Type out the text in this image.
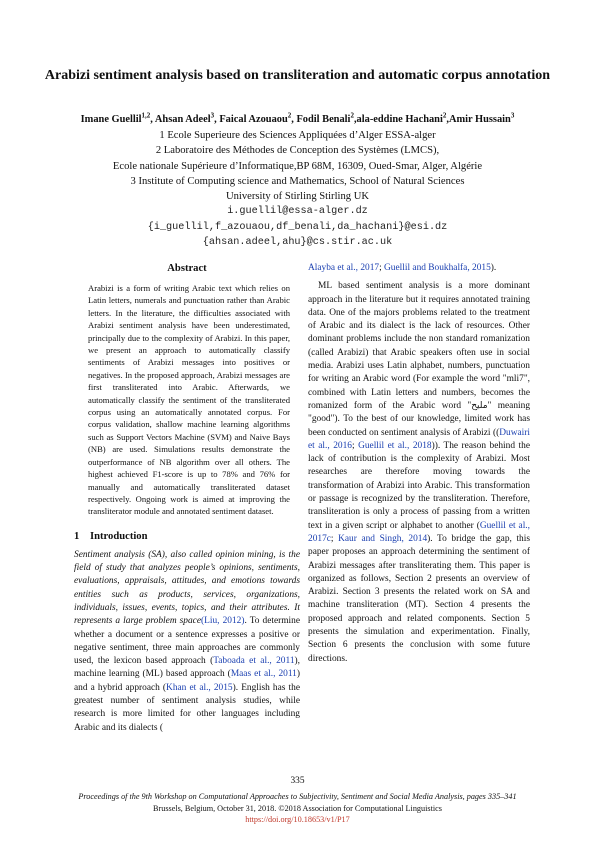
Arabizi sentiment analysis based on transliteration and automatic corpus annotation
Imane Guellil$^{1,2}$, Ahsan Adeel$^3$, Faical Azouaou$^2$, Fodil Benali$^2$,ala-eddine Hachani$^2$,Amir Hussain$^3$
1 Ecole Superieure des Sciences Appliquées d’Alger ESSA-alger
2 Laboratoire des Méthodes de Conception des Systèmes (LMCS),
Ecole nationale Supérieure d’Informatique,BP 68M, 16309, Oued-Smar, Alger, Algérie
3 Institute of Computing science and Mathematics, School of Natural Sciences
University of Stirling Stirling UK
i.guellil@essa-alger.dz
{i_guellil,f_azouaou,df_benali,da_hachani}@esi.dz
{ahsan.adeel,ahu}@cs.stir.ac.uk
Abstract

Arabizi is a form of writing Arabic text which relies on Latin letters, numerals and punctuation rather than Arabic letters. In the literature, the difficulties associated with Arabizi sentiment analysis have been underestimated, principally due to the complexity of Arabizi. In this paper, we present an approach to automatically classify sentiments of Arabizi messages into positives or negatives. In the proposed approach, Arabizi messages are first transliterated into Arabic. Afterwards, we automatically classify the sentiment of the transliterated corpus using an automatically annotated corpus. For corpus validation, shallow machine learning algorithms such as Support Vectors Machine (SVM) and Naive Bays (NB) are used. Simulations results demonstrate the outperformance of NB algorithm over all others. The highest achieved F1-score is up to 78% and 76% for manually and automatically transliterated dataset respectively. Ongoing work is aimed at improving the transliterator module and annotated sentiment dataset.

1 Introduction

Sentiment analysis (SA), also called opinion mining, is the field of study that analyzes people’s opinions, sentiments, evaluations, appraisals, attitudes, and emotions towards entities such as products, services, organizations, individuals, issues, events, topics, and their attributes. It represents a large problem space(Liu, 2012). To determine whether a document or a sentence expresses a positive or negative sentiment, three main approaches are commonly used, the lexicon based approach (Taboada et al., 2011), machine learning (ML) based approach (Maas et al., 2011) and a hybrid approach (Khan et al., 2015). English has the greatest number of sentiment analysis studies, while research is more limited for other languages including Arabic and its dialects (

Alayba et al., 2017; Guellil and Boukhalfa, 2015).

ML based sentiment analysis is a more dominant approach in the literature but it requires annotated training data. One of the majors problems related to the treatment of Arabic and its dialect is the lack of resources. Other dominant problems include the non standard romanization (called Arabizi) that Arabic speakers often use in social media. Arabizi uses Latin alphabet, numbers, punctuation for writing an Arabic word (For example the word "mli7", combined with Latin letters and numbers, becomes the romanized form of the Arabic word "مليح" meaning "good"). To the best of our knowledge, limited work has been conducted on sentiment analysis of Arabizi ((Duwairi et al., 2016; Guellil et al., 2018)). The reason behind the lack of contribution is the complexity of Arabizi. Most researches are therefore moving towards the transformation of Arabizi into Arabic. This transformation or passage is recognized by the transliteration. Therefore, transliteration is only a process of passing from a written text in a given script or alphabet to another (Guellil et al., 2017c; Kaur and Singh, 2014). To bridge the gap, this paper proposes an approach determining the sentiment of Arabizi messages after transliterating them. This paper is organized as follows, Section 2 presents an overview of Arabizi. Section 3 presents the related work on SA and machine transliteration (MT). Section 4 presents the proposed approach and related components. Section 5 presents the simulation and experimentation. Finally, Section 6 presents the conclusion with some future directions.

335
Proceedings of the 9th Workshop on Computational Approaches to Subjectivity, Sentiment and Social Media Analysis, pages 335–341
Brussels, Belgium, October 31, 2018. ©2018 Association for Computational Linguistics
https://doi.org/10.18653/v1/P17
